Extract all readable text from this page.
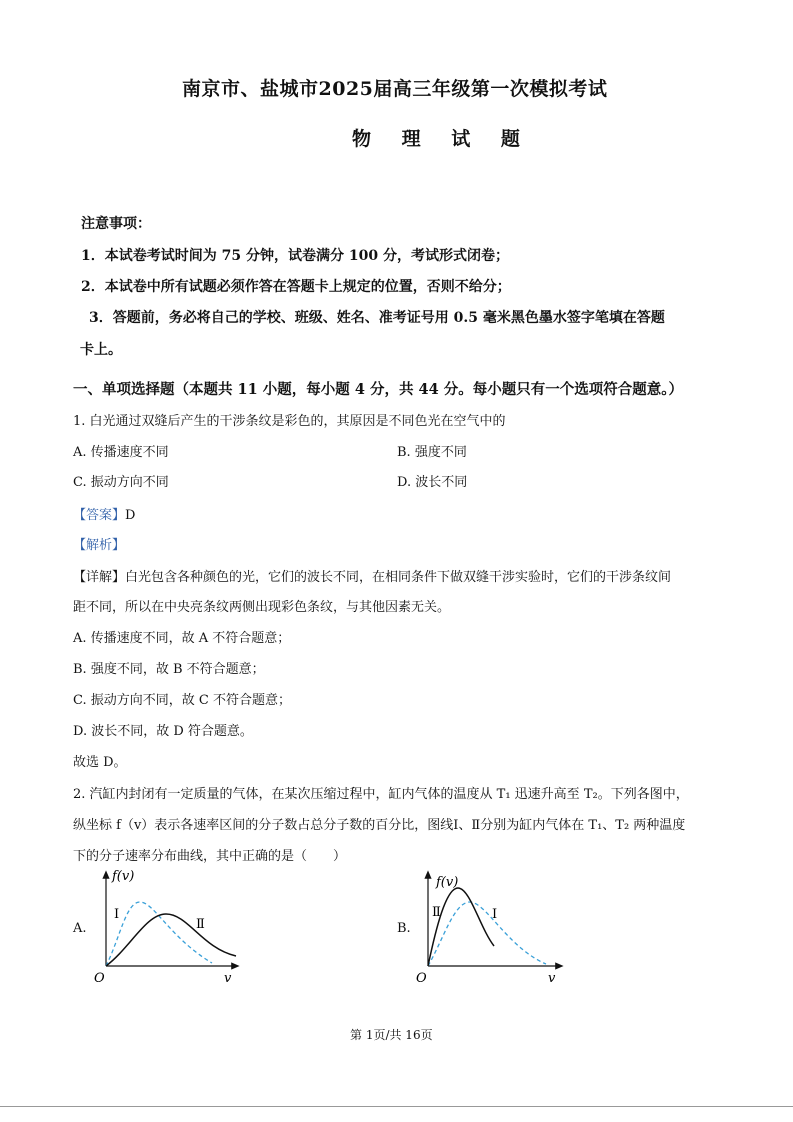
南京市、盐城市2025届高三年级第一次模拟考试
物 理 试 题
注意事项：
1．本试卷考试时间为 75 分钟，试卷满分 100 分，考试形式闭卷；
2．本试卷中所有试题必须作答在答题卡上规定的位置，否则不给分；
3．答题前，务必将自己的学校、班级、姓名、准考证号用 0.5 毫米黑色墨水签字笔填在答题
卡上。
一、单项选择题（本题共 11 小题，每小题 4 分，共 44 分。每小题只有一个选项符合题意。）
1. 白光通过双缝后产生的干涉条纹是彩色的，其原因是不同色光在空气中的
A. 传播速度不同	B. 强度不同
C. 振动方向不同	D. 波长不同
【答案】D
【解析】
【详解】白光包含各种颜色的光，它们的波长不同，在相同条件下做双缝干涉实验时，它们的干涉条纹间
距不同，所以在中央亮条纹两侧出现彩色条纹，与其他因素无关。
A. 传播速度不同，故 A 不符合题意；
B. 强度不同，故 B 不符合题意；
C. 振动方向不同，故 C 不符合题意；
D. 波长不同，故 D 符合题意。
故选 D。
2. 汽缸内封闭有一定质量的气体，在某次压缩过程中，缸内气体的温度从 T₁ 迅速升高至 T₂。下列各图中，
纵坐标 f（v）表示各速率区间的分子数占总分子数的百分比，图线Ⅰ、Ⅱ分别为缸内气体在 T₁、T₂ 两种温度
下的分子速率分布曲线，其中正确的是（　　）
A.
f(v)
Ⅰ
Ⅱ
O	v
B.
f(v)
Ⅱ	Ⅰ
O	v
第 1页/共 16页
